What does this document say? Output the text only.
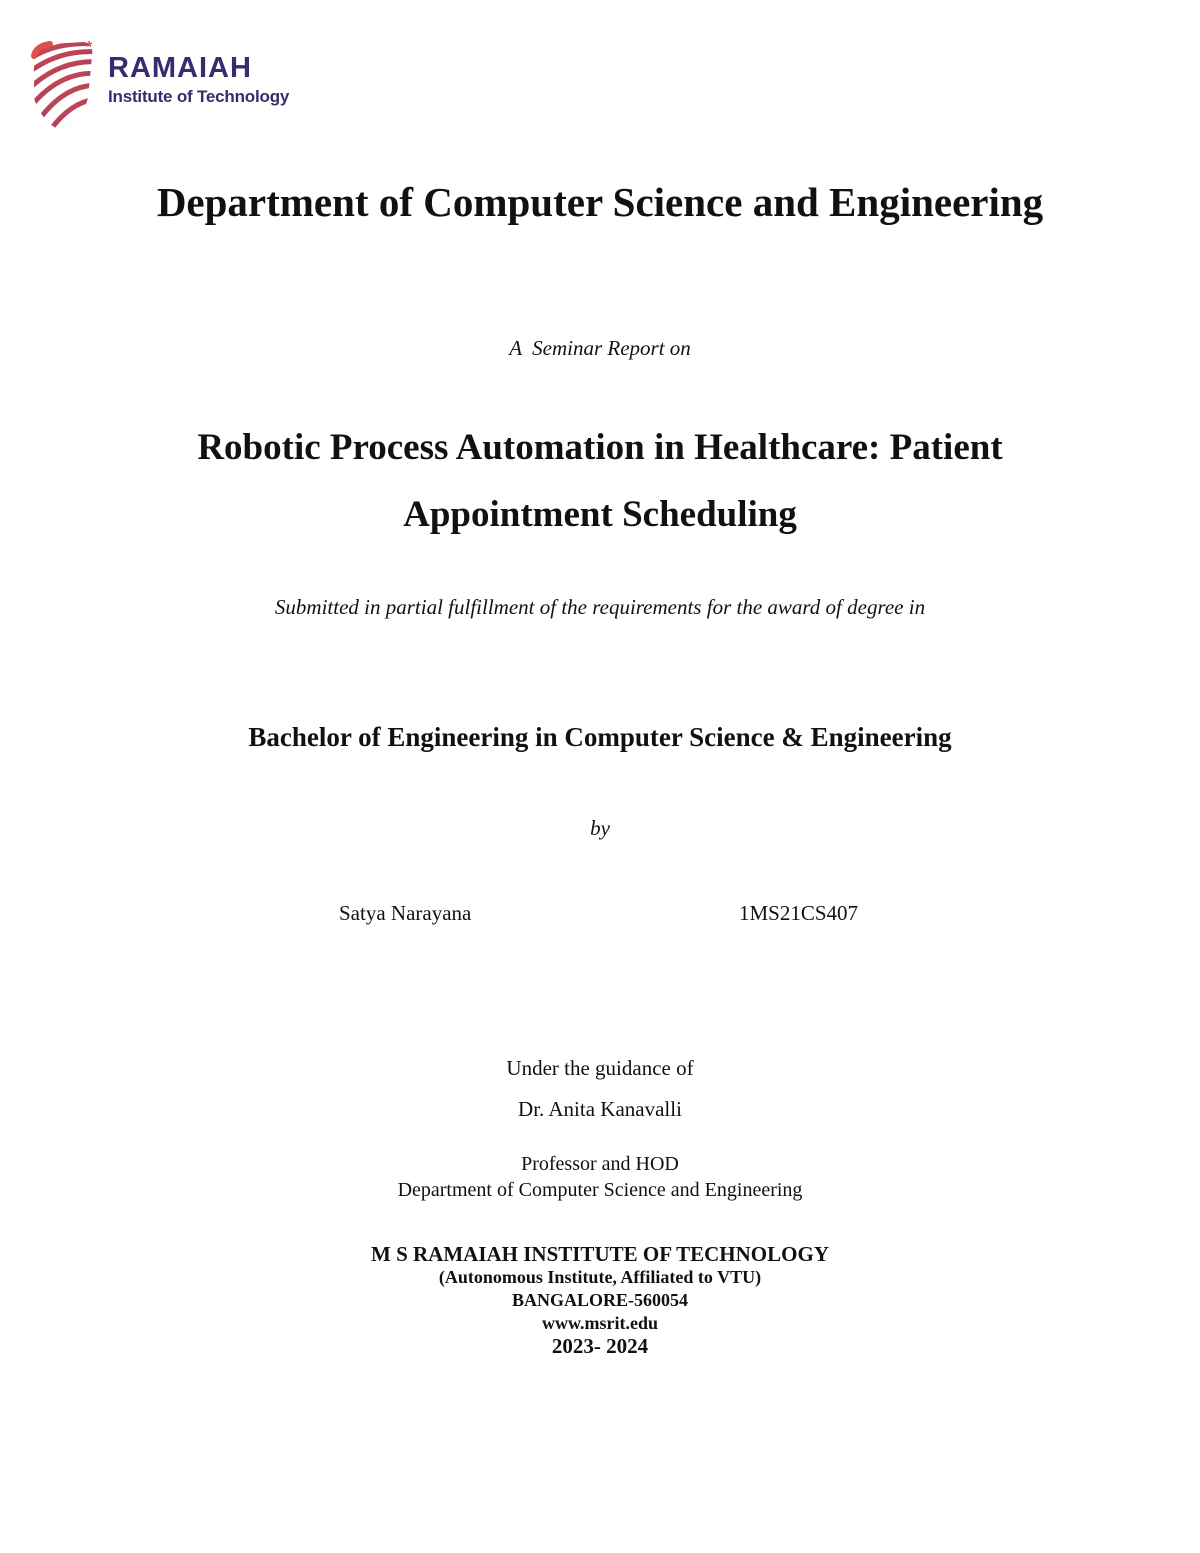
*
RAMAIAH
Institute of Technology
Department of Computer Science and Engineering
A  Seminar Report on
Robotic Process Automation in Healthcare: Patient
Appointment Scheduling
Submitted in partial fulfillment of the requirements for the award of degree in
Bachelor of Engineering in Computer Science & Engineering
by
Satya Narayana	1MS21CS407
Under the guidance of
Dr. Anita Kanavalli
Professor and HOD
Department of Computer Science and Engineering
M S RAMAIAH INSTITUTE OF TECHNOLOGY
(Autonomous Institute, Affiliated to VTU)
BANGALORE-560054
www.msrit.edu
2023- 2024
